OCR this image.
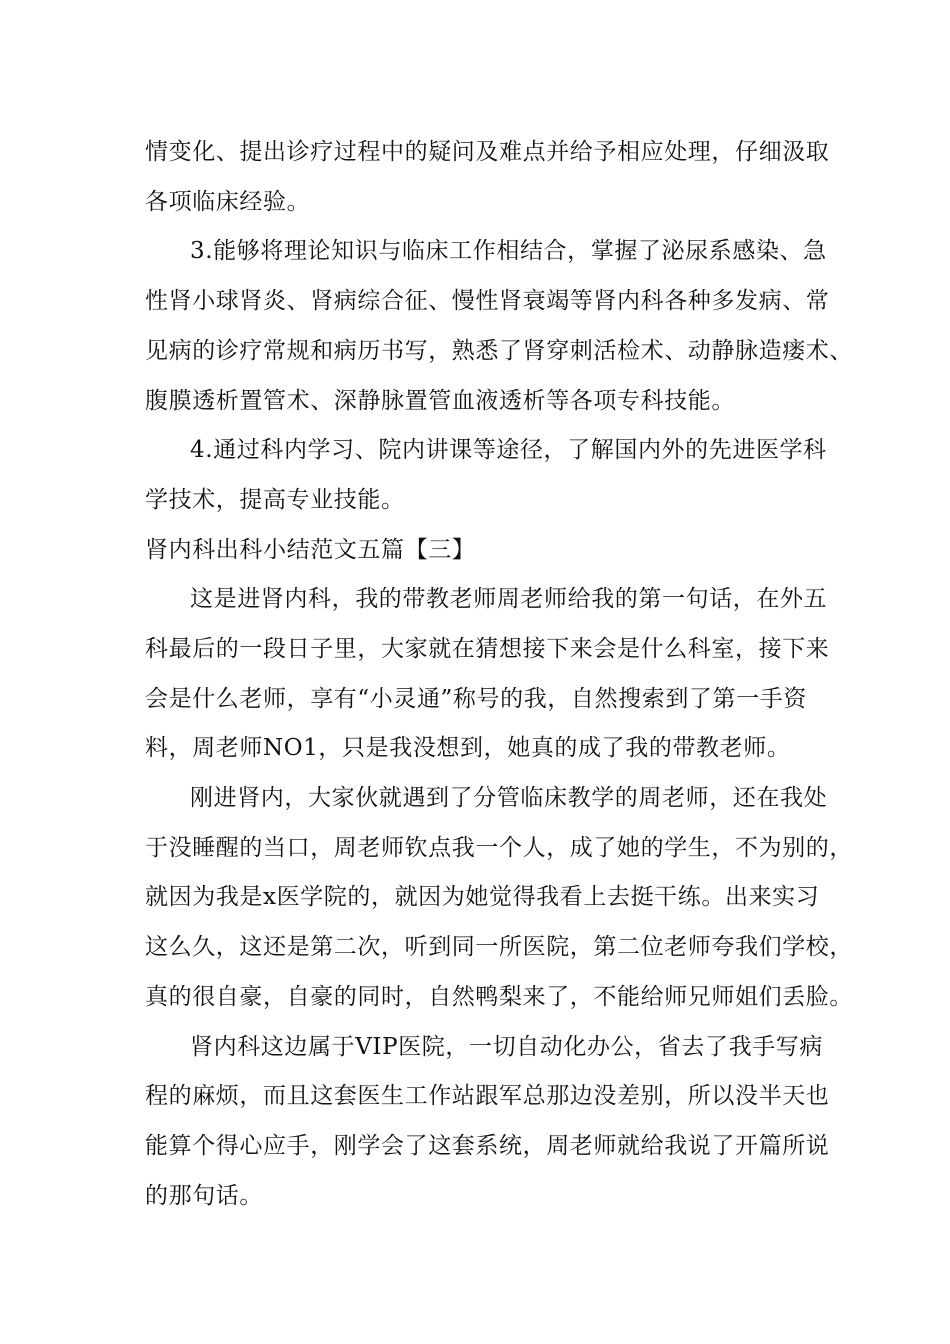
情变化、提出诊疗过程中的疑问及难点并给予相应处理，仔细汲取
各项临床经验。
3.能够将理论知识与临床工作相结合，掌握了泌尿系感染、急
性肾小球肾炎、肾病综合征、慢性肾衰竭等肾内科各种多发病、常
见病的诊疗常规和病历书写，熟悉了肾穿刺活检术、动静脉造瘘术、
腹膜透析置管术、深静脉置管血液透析等各项专科技能。
4.通过科内学习、院内讲课等途径，了解国内外的先进医学科
学技术，提高专业技能。
肾内科出科小结范文五篇【三】
这是进肾内科，我的带教老师周老师给我的第一句话，在外五
科最后的一段日子里，大家就在猜想接下来会是什么科室，接下来
会是什么老师，享有“小灵通”称号的我，自然搜索到了第一手资
料，周老师NO1，只是我没想到，她真的成了我的带教老师。
刚进肾内，大家伙就遇到了分管临床教学的周老师，还在我处
于没睡醒的当口，周老师钦点我一个人，成了她的学生，不为别的，
就因为我是x医学院的，就因为她觉得我看上去挺干练。出来实习
这么久，这还是第二次，听到同一所医院，第二位老师夸我们学校，
真的很自豪，自豪的同时，自然鸭梨来了，不能给师兄师姐们丢脸。
肾内科这边属于VIP医院，一切自动化办公，省去了我手写病
程的麻烦，而且这套医生工作站跟军总那边没差别，所以没半天也
能算个得心应手，刚学会了这套系统，周老师就给我说了开篇所说
的那句话。
